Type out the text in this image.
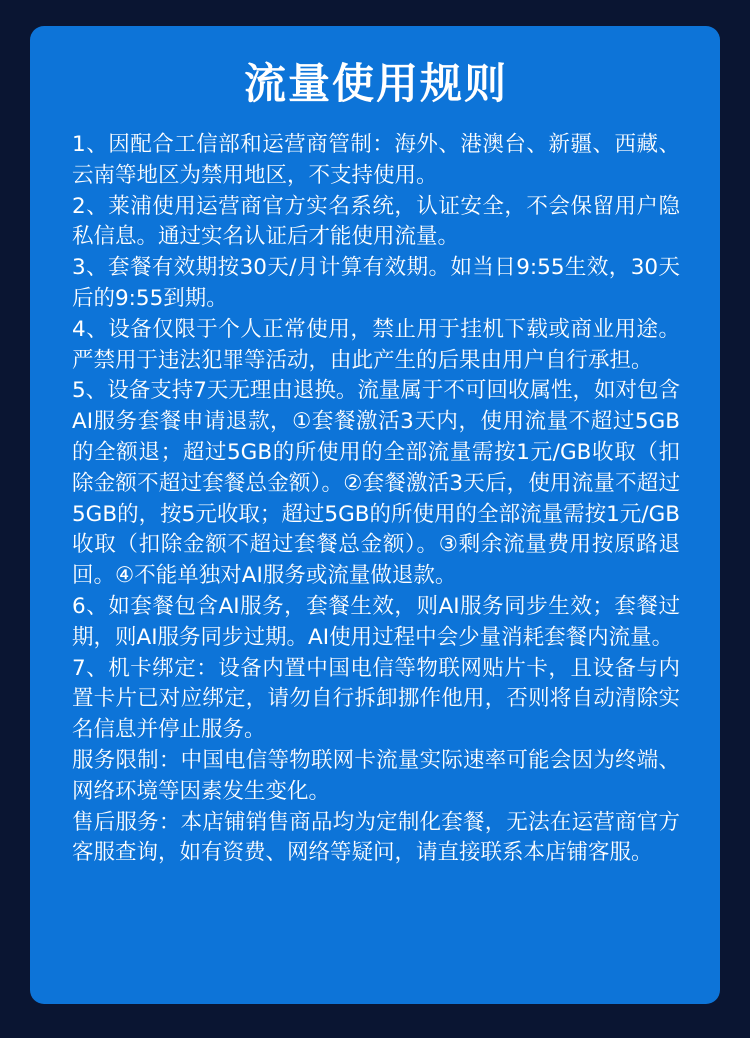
流量使用规则

1、因配合工信部和运营商管制：海外、港澳台、新疆、西藏、云南等地区为禁用地区，不支持使用。

2、莱浦使用运营商官方实名系统，认证安全，不会保留用户隐私信息。通过实名认证后才能使用流量。

3、套餐有效期按30天/月计算有效期。如当日9:55生效，30天后的9:55到期。

4、设备仅限于个人正常使用，禁止用于挂机下载或商业用途。严禁用于违法犯罪等活动，由此产生的后果由用户自行承担。

5、设备支持7天无理由退换。流量属于不可回收属性，如对包含AI服务套餐申请退款，①套餐激活3天内，使用流量不超过5GB的全额退；超过5GB的所使用的全部流量需按1元/GB收取（扣除金额不超过套餐总金额）。②套餐激活3天后，使用流量不超过5GB的，按5元收取；超过5GB的所使用的全部流量需按1元/GB收取（扣除金额不超过套餐总金额）。③剩余流量费用按原路退回。④不能单独对AI服务或流量做退款。

6、如套餐包含AI服务，套餐生效，则AI服务同步生效；套餐过期，则AI服务同步过期。AI使用过程中会少量消耗套餐内流量。

7、机卡绑定：设备内置中国电信等物联网贴片卡，且设备与内置卡片已对应绑定，请勿自行拆卸挪作他用，否则将自动清除实名信息并停止服务。

服务限制：中国电信等物联网卡流量实际速率可能会因为终端、网络环境等因素发生变化。

售后服务：本店铺销售商品均为定制化套餐，无法在运营商官方客服查询，如有资费、网络等疑问，请直接联系本店铺客服。
